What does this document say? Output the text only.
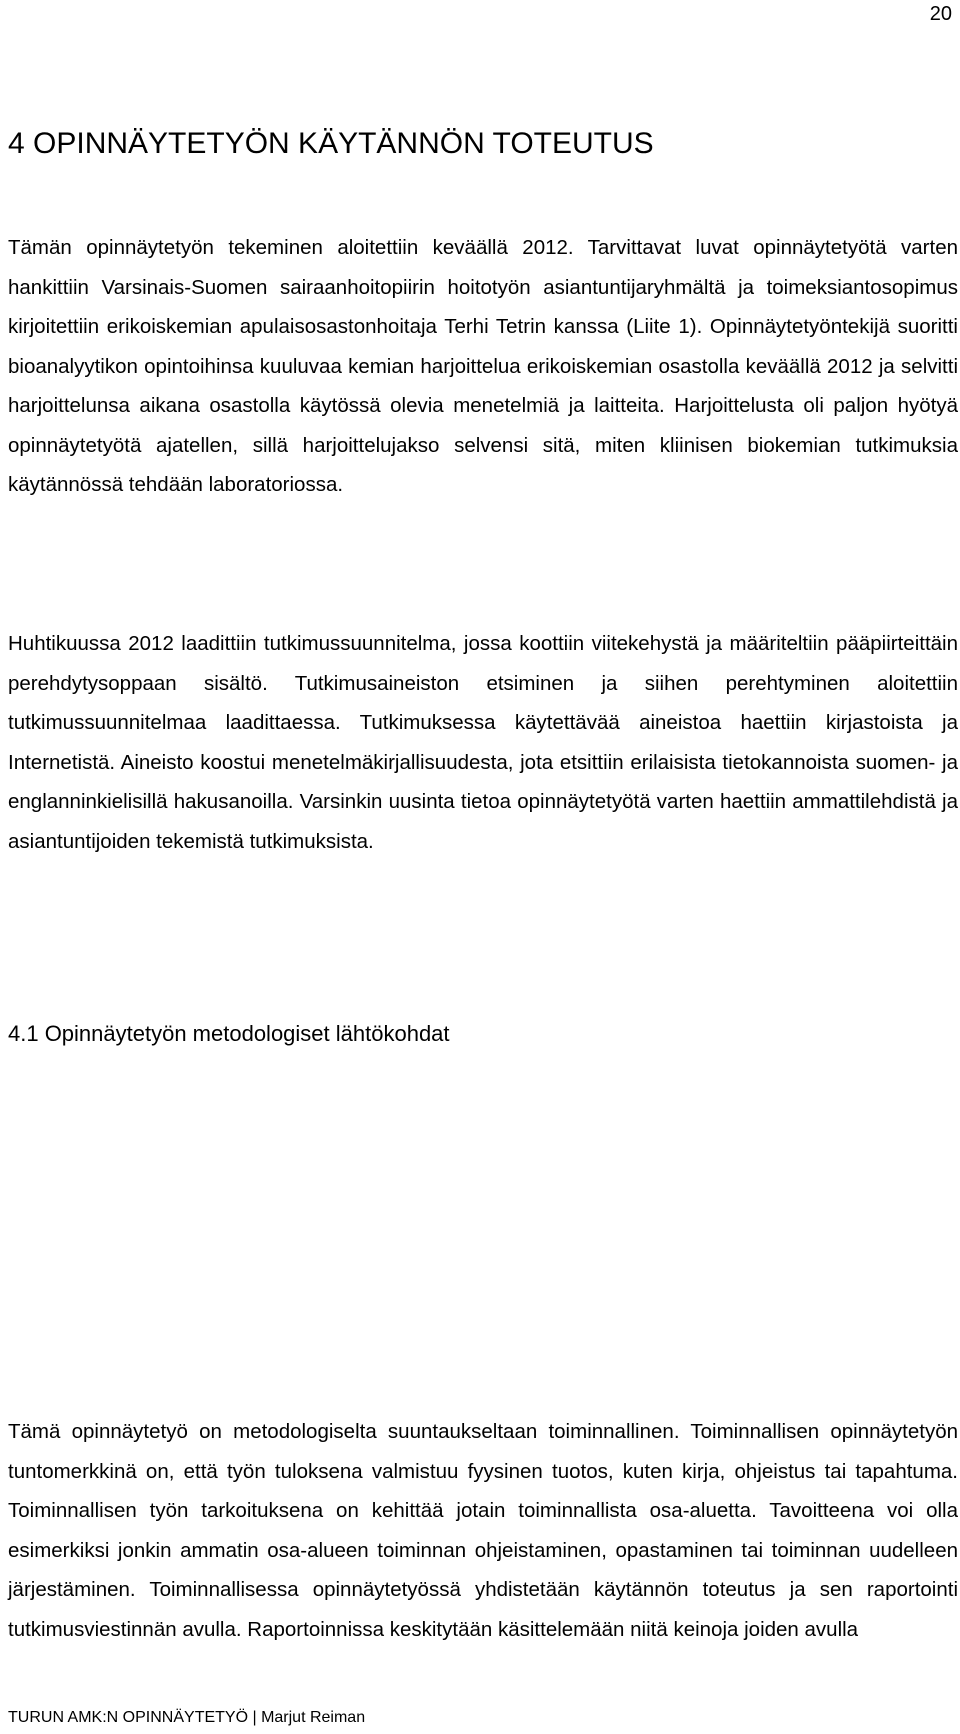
20
4 OPINNÄYTETYÖN KÄYTÄNNÖN TOTEUTUS

Tämän opinnäytetyön tekeminen aloitettiin keväällä 2012. Tarvittavat luvat opinnäytetyötä varten hankittiin Varsinais-Suomen sairaanhoitopiirin hoitotyön asiantuntijaryhmältä ja toimeksiantosopimus kirjoitettiin erikoiskemian apulaisosastonhoitaja Terhi Tetrin kanssa (Liite 1). Opinnäytetyöntekijä suoritti bioanalyytikon opintoihinsa kuuluvaa kemian harjoittelua erikoiskemian osastolla keväällä 2012 ja selvitti harjoittelunsa aikana osastolla käytössä olevia menetelmiä ja laitteita. Harjoittelusta oli paljon hyötyä opinnäytetyötä ajatellen, sillä harjoittelujakso selvensi sitä, miten kliinisen biokemian tutkimuksia käytännössä tehdään laboratoriossa.

Huhtikuussa 2012 laadittiin tutkimussuunnitelma, jossa koottiin viitekehystä ja määriteltiin pääpiirteittäin perehdytysoppaan sisältö. Tutkimusaineiston etsiminen ja siihen perehtyminen aloitettiin tutkimussuunnitelmaa laadittaessa. Tutkimuksessa käytettävää aineistoa haettiin kirjastoista ja Internetistä. Aineisto koostui menetelmäkirjallisuudesta, jota etsittiin erilaisista tietokannoista suomen- ja englanninkielisillä hakusanoilla. Varsinkin uusinta tietoa opinnäytetyötä varten haettiin ammattilehdistä ja asiantuntijoiden tekemistä tutkimuksista.

4.1 Opinnäytetyön metodologiset lähtökohdat

Tämä opinnäytetyö on metodologiselta suuntaukseltaan toiminnallinen. Toiminnallisen opinnäytetyön tuntomerkkinä on, että työn tuloksena valmistuu fyysinen tuotos, kuten kirja, ohjeistus tai tapahtuma. Toiminnallisen työn tarkoituksena on kehittää jotain toiminnallista osa-aluetta. Tavoitteena voi olla esimerkiksi jonkin ammatin osa-alueen toiminnan ohjeistaminen, opastaminen tai toiminnan uudelleen järjestäminen. Toiminnallisessa opinnäytetyössä yhdistetään käytännön toteutus ja sen raportointi tutkimusviestinnän avulla. Raportoinnissa keskitytään käsittelemään niitä keinoja joiden avulla

TURUN AMK:N OPINNÄYTETYÖ | Marjut Reiman
